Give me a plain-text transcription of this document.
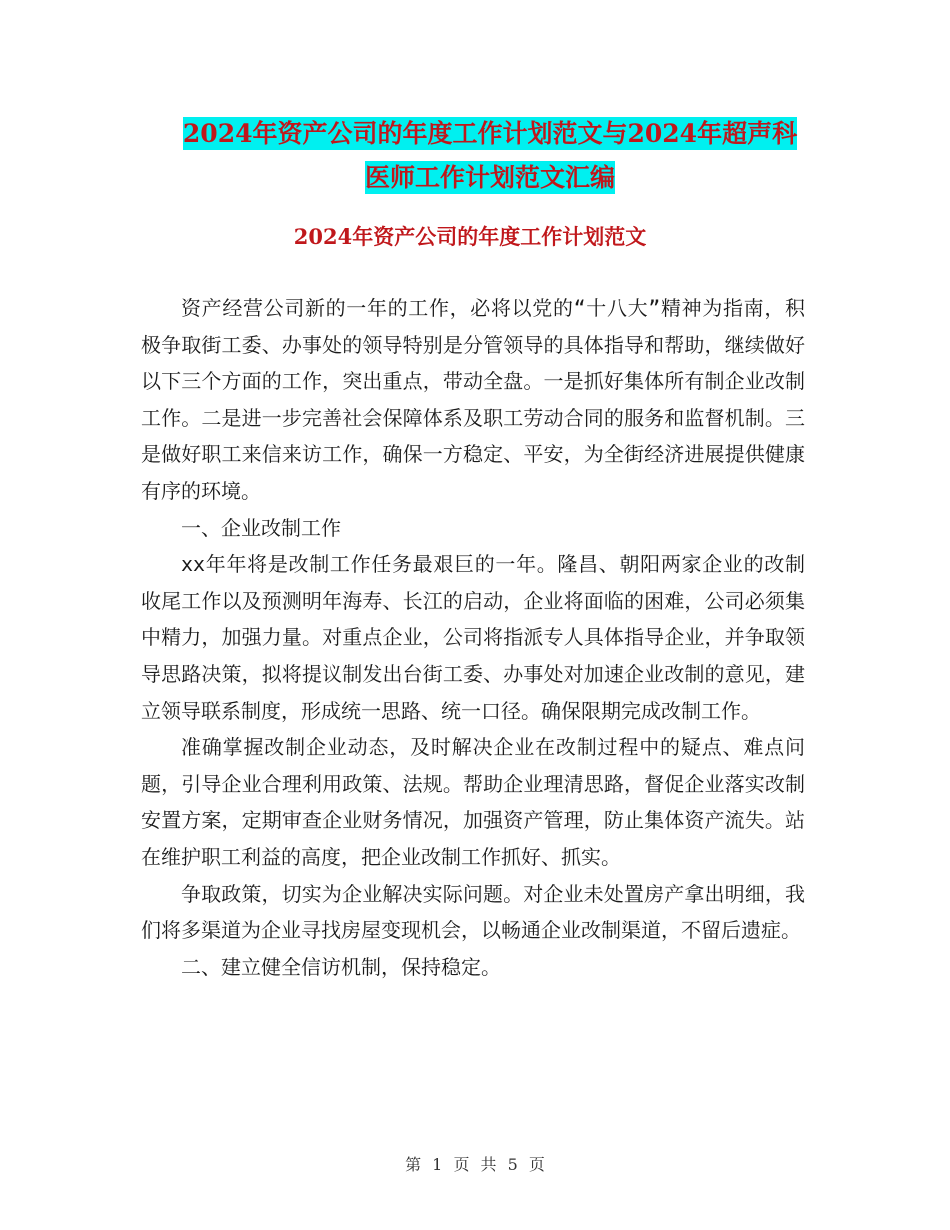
2024年资产公司的年度工作计划范文与2024年超声科
医师工作计划范文汇编
2024年资产公司的年度工作计划范文

资产经营公司新的一年的工作，必将以党的“十八大”精神为指南，积极争取街工委、办事处的领导特别是分管领导的具体指导和帮助，继续做好以下三个方面的工作，突出重点，带动全盘。一是抓好集体所有制企业改制工作。二是进一步完善社会保障体系及职工劳动合同的服务和监督机制。三是做好职工来信来访工作，确保一方稳定、平安，为全街经济进展提供健康有序的环境。

一、企业改制工作

xx年年将是改制工作任务最艰巨的一年。隆昌、朝阳两家企业的改制收尾工作以及预测明年海寿、长江的启动，企业将面临的困难，公司必须集中精力，加强力量。对重点企业，公司将指派专人具体指导企业，并争取领导思路决策，拟将提议制发出台街工委、办事处对加速企业改制的意见，建立领导联系制度，形成统一思路、统一口径。确保限期完成改制工作。

准确掌握改制企业动态，及时解决企业在改制过程中的疑点、难点问题，引导企业合理利用政策、法规。帮助企业理清思路，督促企业落实改制安置方案，定期审查企业财务情况，加强资产管理，防止集体资产流失。站在维护职工利益的高度，把企业改制工作抓好、抓实。

争取政策，切实为企业解决实际问题。对企业未处置房产拿出明细，我们将多渠道为企业寻找房屋变现机会，以畅通企业改制渠道，不留后遗症。

二、建立健全信访机制，保持稳定。

第 1 页 共 5 页
